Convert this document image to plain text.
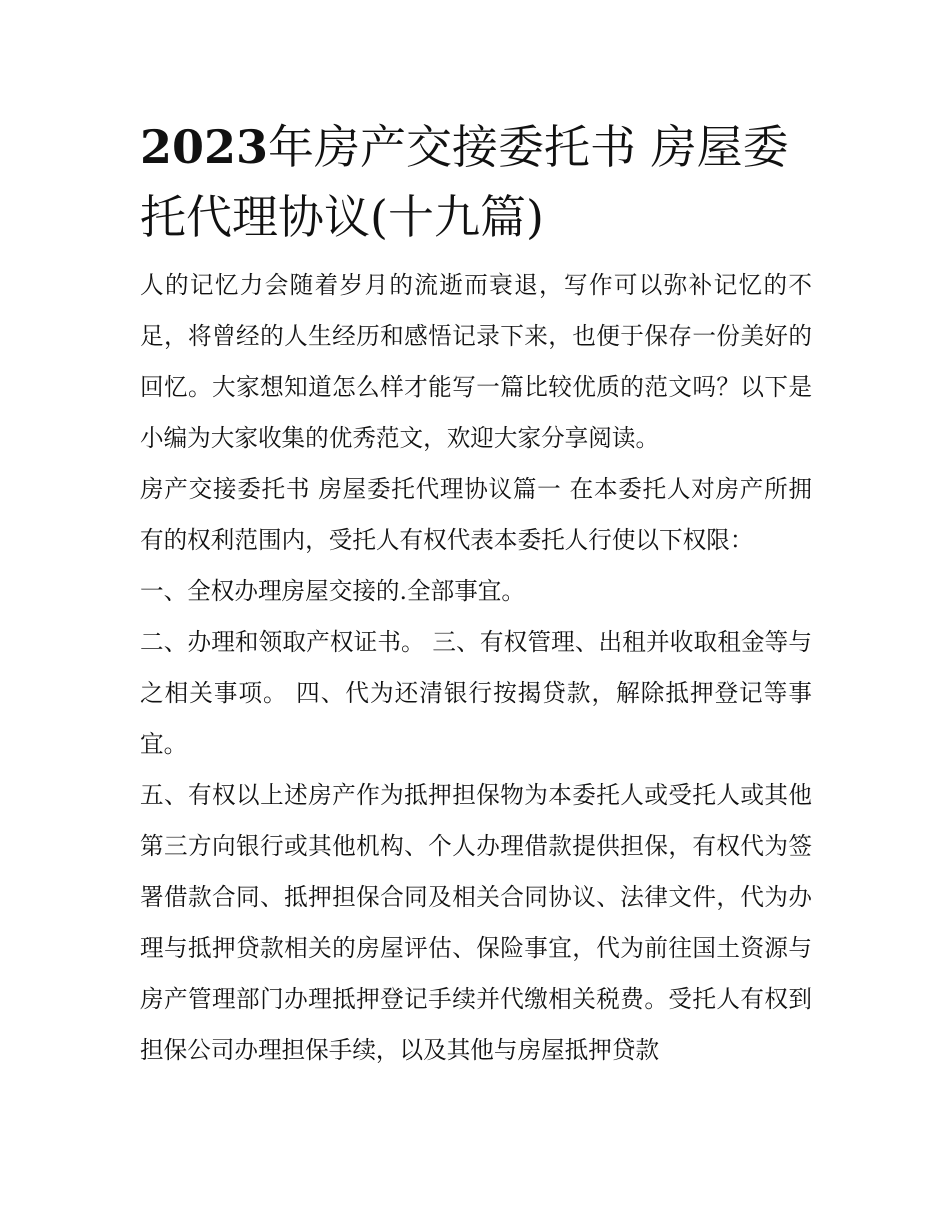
2023年房产交接委托书 房屋委托代理协议(十九篇)

人的记忆力会随着岁月的流逝而衰退，写作可以弥补记忆的不足，将曾经的人生经历和感悟记录下来，也便于保存一份美好的回忆。大家想知道怎么样才能写一篇比较优质的范文吗？以下是小编为大家收集的优秀范文，欢迎大家分享阅读。

房产交接委托书 房屋委托代理协议篇一 在本委托人对房产所拥有的权利范围内，受托人有权代表本委托人行使以下权限：

一、全权办理房屋交接的.全部事宜。

二、办理和领取产权证书。 三、有权管理、出租并收取租金等与之相关事项。 四、代为还清银行按揭贷款，解除抵押登记等事宜。

五、有权以上述房产作为抵押担保物为本委托人或受托人或其他第三方向银行或其他机构、个人办理借款提供担保，有权代为签署借款合同、抵押担保合同及相关合同协议、法律文件，代为办理与抵押贷款相关的房屋评估、保险事宜，代为前往国土资源与房产管理部门办理抵押登记手续并代缴相关税费。受托人有权到担保公司办理担保手续，以及其他与房屋抵押贷款
